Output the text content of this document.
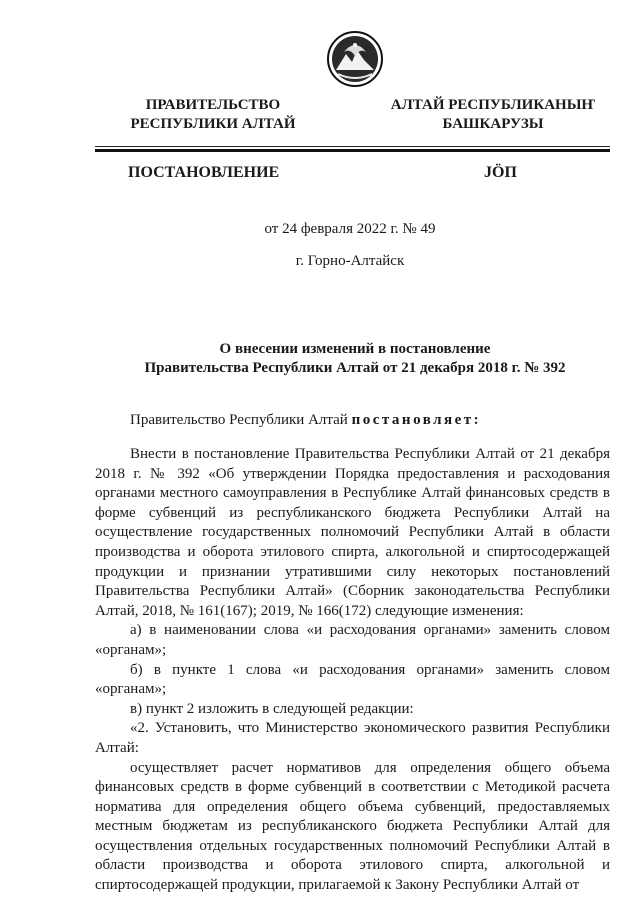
ПРАВИТЕЛЬСТВО
РЕСПУБЛИКИ АЛТАЙ
АЛТАЙ РЕСПУБЛИКАНЫҤ
БАШКАРУЗЫ
ПОСТАНОВЛЕНИЕ	JӦП
от 24 февраля 2022 г. № 49
г. Горно-Алтайск
О внесении изменений в постановление
Правительства Республики Алтай от 21 декабря 2018 г. № 392
Правительство Республики Алтай постановляет:

Внести в постановление Правительства Республики Алтай от 21 декабря 2018 г. № 392 «Об утверждении Порядка предоставления и расходования органами местного самоуправления в Республике Алтай финансовых средств в форме субвенций из республиканского бюджета Республики Алтай на осуществление государственных полномочий Республики Алтай в области производства и оборота этилового спирта, алкогольной и спиртосодержащей продукции и признании утратившими силу некоторых постановлений Правительства Республики Алтай» (Сборник законодательства Республики Алтай, 2018, № 161(167); 2019, № 166(172) следующие изменения:

а) в наименовании слова «и расходования органами» заменить словом «органам»;

б) в пункте 1 слова «и расходования органами» заменить словом «органам»;

в) пункт 2 изложить в следующей редакции:

«2. Установить, что Министерство экономического развития Республики Алтай:

осуществляет расчет нормативов для определения общего объема финансовых средств в форме субвенций в соответствии с Методикой расчета норматива для определения общего объема субвенций, предоставляемых местным бюджетам из республиканского бюджета Республики Алтай для осуществления отдельных государственных полномочий Республики Алтай в области производства и оборота этилового спирта, алкогольной и спиртосодержащей продукции, прилагаемой к Закону Республики Алтай от
